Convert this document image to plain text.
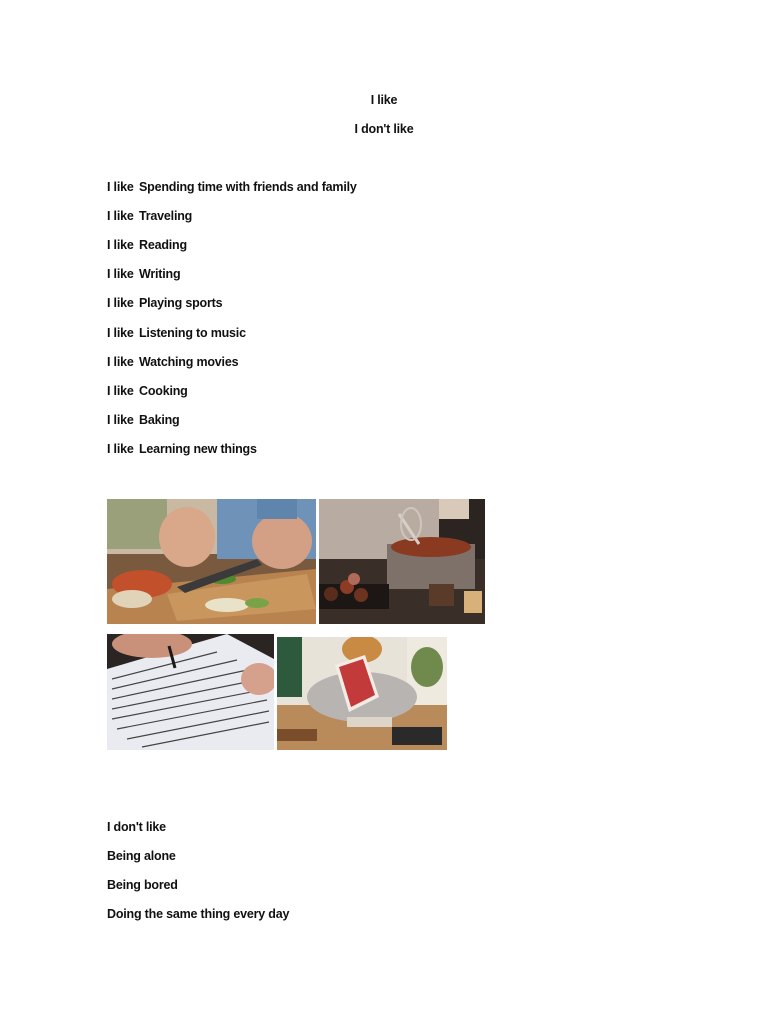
I like
I don't like
I like Spending time with friends and family
I like Traveling
I like Reading
I like Writing
I like Playing sports
I like Listening to music
I like Watching movies
I like Cooking
I like Baking
I like Learning new things
I don't like
Being alone
Being bored
Doing the same thing every day
